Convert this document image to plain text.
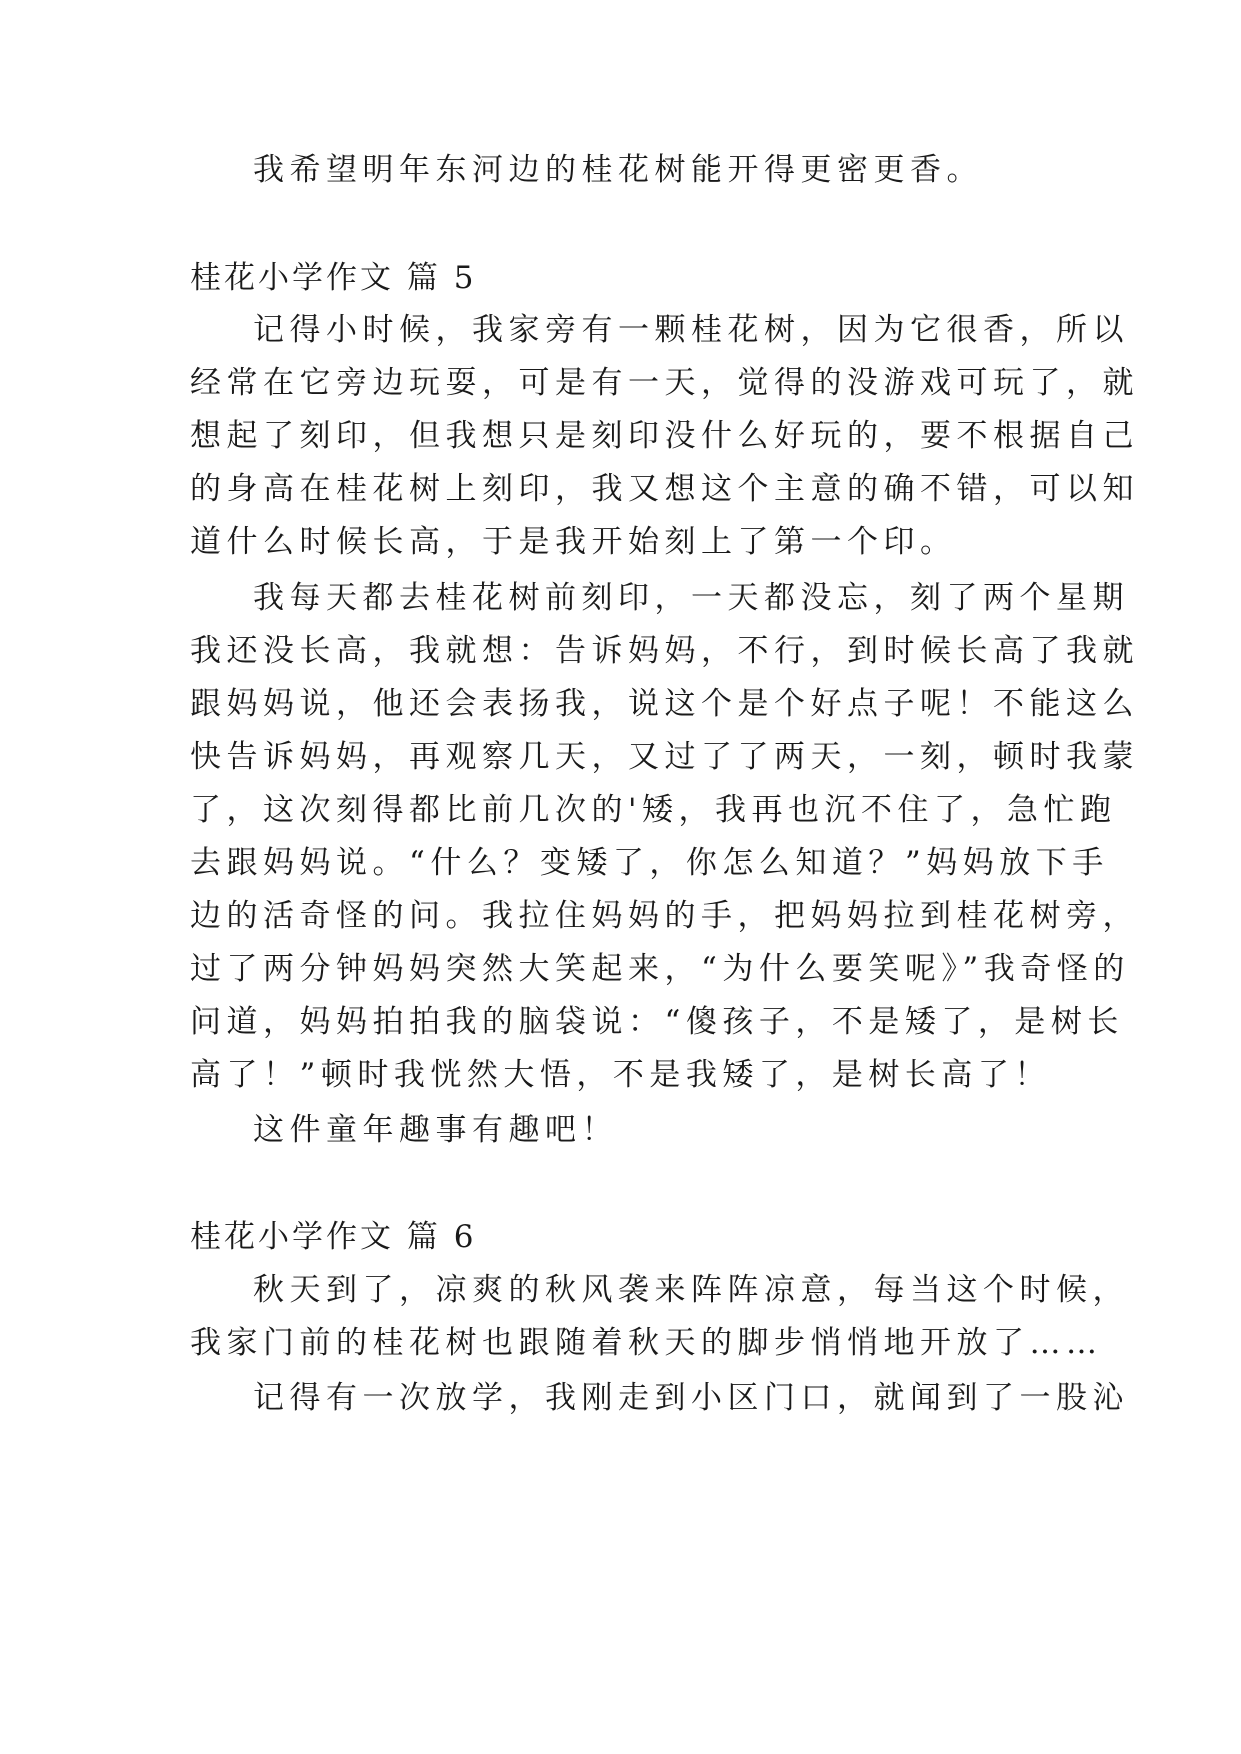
我希望明年东河边的桂花树能开得更密更香。
桂花小学作文 篇 5
记得小时候，我家旁有一颗桂花树，因为它很香，所以
经常在它旁边玩耍，可是有一天，觉得的没游戏可玩了，就
想起了刻印，但我想只是刻印没什么好玩的，要不根据自己
的身高在桂花树上刻印，我又想这个主意的确不错，可以知
道什么时候长高，于是我开始刻上了第一个印。
我每天都去桂花树前刻印，一天都没忘，刻了两个星期
我还没长高，我就想：告诉妈妈，不行，到时候长高了我就
跟妈妈说，他还会表扬我，说这个是个好点子呢！不能这么
快告诉妈妈，再观察几天，又过了了两天，一刻，顿时我蒙
了，这次刻得都比前几次的'矮，我再也沉不住了，急忙跑
去跟妈妈说。“什么？变矮了，你怎么知道？”妈妈放下手
边的活奇怪的问。我拉住妈妈的手，把妈妈拉到桂花树旁，
过了两分钟妈妈突然大笑起来，“为什么要笑呢》”我奇怪的
问道，妈妈拍拍我的脑袋说：“傻孩子，不是矮了，是树长
高了！”顿时我恍然大悟，不是我矮了，是树长高了！
这件童年趣事有趣吧！
桂花小学作文 篇 6
秋天到了，凉爽的秋风袭来阵阵凉意，每当这个时候，
我家门前的桂花树也跟随着秋天的脚步悄悄地开放了……
记得有一次放学，我刚走到小区门口，就闻到了一股沁
